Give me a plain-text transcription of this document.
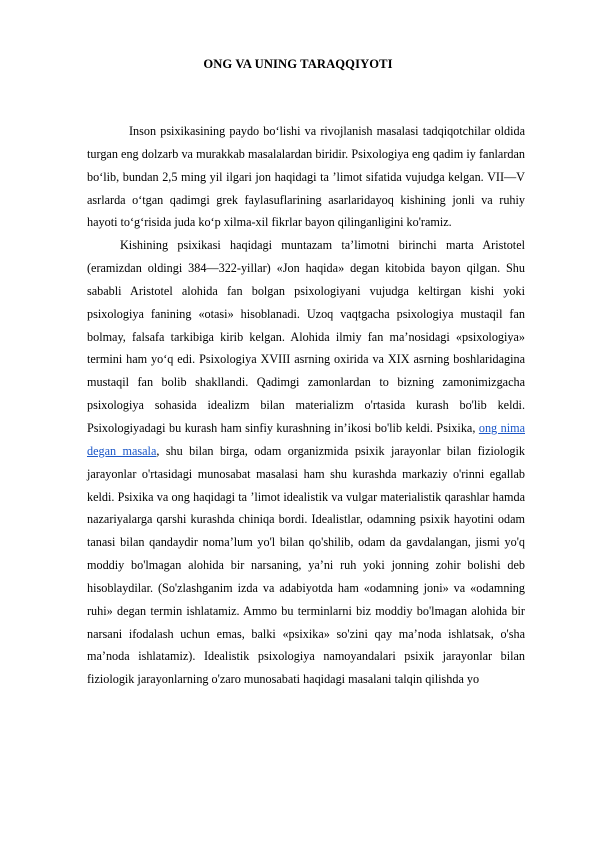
ONG VA UNING TARAQQIYOTI

Inson psixikasining paydo bo‘lishi va rivojlanish masalasi tadqiqotchilar oldida turgan eng dolzarb va murakkab masalalardan biridir. Psixologiya eng qadim iy fanlardan bo‘lib, bundan 2,5 ming yil ilgari jon haqidagi ta ’limot sifatida vujudga kelgan. VII—V asrlarda o‘tgan qadimgi grek faylasuflarining asarlaridayoq kishining jonli va ruhiy hayoti to‘g‘risida juda ko‘p xilma-xil fikrlar bayon qilinganligini ko'ramiz.

Kishining psixikasi haqidagi muntazam ta’limotni birinchi marta Aristotel (eramizdan oldingi 384—322-yillar) «Jon haqida» degan kitobida bayon qilgan. Shu sababli Aristotel alohida fan bolgan psixologiyani vujudga keltirgan kishi yoki psixologiya fanining «otasi» hisoblanadi. Uzoq vaqtgacha psixologiya mustaqil fan bolmay, falsafa tarkibiga kirib kelgan. Alohida ilmiy fan ma’nosidagi «psixologiya» termini ham yo‘q edi. Psixologiya XVIII asrning oxirida va XIX asrning boshlaridagina mustaqil fan bolib shakllandi. Qadimgi zamonlardan to bizning zamonimizgacha psixologiya sohasida idealizm bilan materializm o'rtasida kurash bo'lib keldi. Psixologiyadagi bu kurash ham sinfiy kurashning in’ikosi bo'lib keldi. Psixika, ong nima degan masala, shu bilan birga, odam organizmida psixik jarayonlar bilan fiziologik jarayonlar o'rtasidagi munosabat masalasi ham shu kurashda markaziy o'rinni egallab keldi. Psixika va ong haqidagi ta ’limot idealistik va vulgar materialistik qarashlar hamda nazariyalarga qarshi kurashda chiniqa bordi. Idealistlar, odamning psixik hayotini odam tanasi bilan qandaydir noma’lum yo'l bilan qo'shilib, odam da gavdalangan, jismi yo'q moddiy bo'lmagan alohida bir narsaning, ya’ni ruh yoki jonning zohir bolishi deb hisoblaydilar. (So'zlashganim izda va adabiyotda ham «odamning joni» va «odamning ruhi» degan termin ishlatamiz. Ammo bu terminlarni biz moddiy bo'lmagan alohida bir narsani ifodalash uchun emas, balki «psixika» so'zini qay ma’noda ishlatsak, o'sha ma’noda ishlatamiz). Idealistik psixologiya namoyandalari psixik jarayonlar bilan fiziologik jarayonlarning o'zaro munosabati haqidagi masalani talqin qilishda yo
